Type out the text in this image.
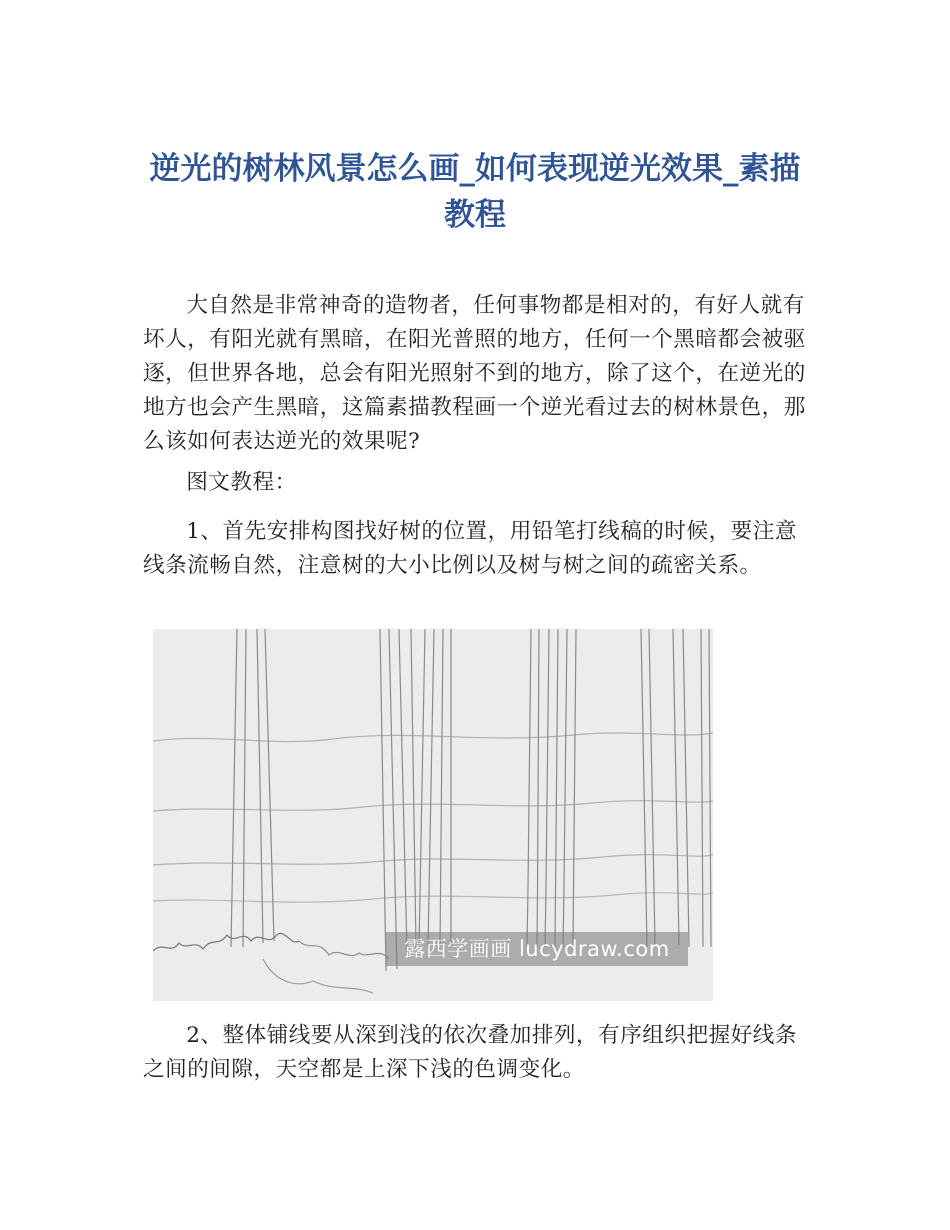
逆光的树林风景怎么画_如何表现逆光效果_素描教程

大自然是非常神奇的造物者，任何事物都是相对的，有好人就有坏人，有阳光就有黑暗，在阳光普照的地方，任何一个黑暗都会被驱逐，但世界各地，总会有阳光照射不到的地方，除了这个，在逆光的地方也会产生黑暗，这篇素描教程画一个逆光看过去的树林景色，那么该如何表达逆光的效果呢?

图文教程：

1、首先安排构图找好树的位置，用铅笔打线稿的时候，要注意线条流畅自然，注意树的大小比例以及树与树之间的疏密关系。

露西学画画 lucydraw.com

2、整体铺线要从深到浅的依次叠加排列，有序组织把握好线条之间的间隙，天空都是上深下浅的色调变化。
